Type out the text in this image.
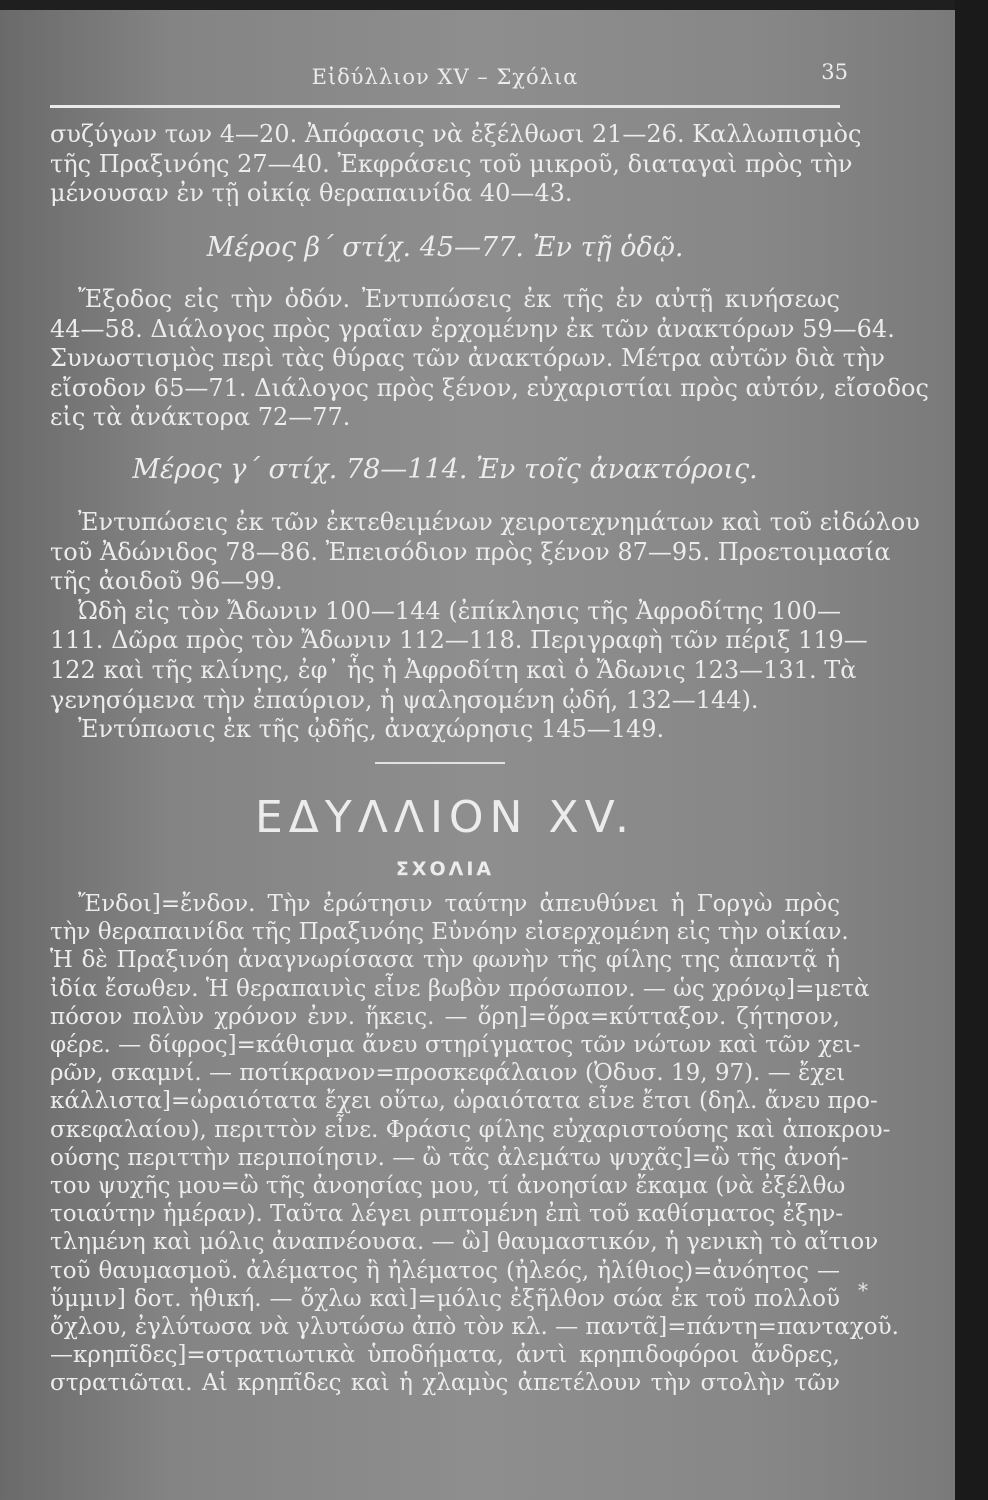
Εἰδύλλιον XV – Σχόλια	35
συζύγων των 4—20. Ἀπόφασις νὰ ἐξέλθωσι 21—26. Καλλωπισμὸς
τῆς Πραξινόης 27—40. Ἐκφράσεις τοῦ μικροῦ, διαταγαὶ πρὸς τὴν
μένουσαν ἐν τῇ οἰκίᾳ θεραπαινίδα 40—43.
Μέρος β΄ στίχ. 45—77. Ἐν τῇ ὁδῷ.
Ἔξοδος εἰς τὴν ὁδόν. Ἐντυπώσεις ἐκ τῆς ἐν αὐτῇ κινήσεως
44—58. Διάλογος πρὸς γραῖαν ἐρχομένην ἐκ τῶν ἀνακτόρων 59—64.
Συνωστισμὸς περὶ τὰς θύρας τῶν ἀνακτόρων. Μέτρα αὐτῶν διὰ τὴν
εἴσοδον 65—71. Διάλογος πρὸς ξένον, εὐχαριστίαι πρὸς αὐτόν, εἴσοδος
εἰς τὰ ἀνάκτορα 72—77.
Μέρος γ΄ στίχ. 78—114. Ἐν τοῖς ἀνακτόροις.
Ἐντυπώσεις ἐκ τῶν ἐκτεθειμένων χειροτεχνημάτων καὶ τοῦ εἰδώλου
τοῦ Ἀδώνιδος 78—86. Ἐπεισόδιον πρὸς ξένον 87—95. Προετοιμασία
τῆς ἀοιδοῦ 96—99.
Ὠδὴ εἰς τὸν Ἄδωνιν 100—144 (ἐπίκλησις τῆς Ἀφροδίτης 100—
111. Δῶρα πρὸς τὸν Ἄδωνιν 112—118. Περιγραφὴ τῶν πέριξ 119—
122 καὶ τῆς κλίνης, ἐφ᾿ ἧς ἡ Ἀφροδίτη καὶ ὁ Ἄδωνις 123—131. Τὰ
γενησόμενα τὴν ἐπαύριον, ἡ ψαλησομένη ᾠδή, 132—144).
Ἐντύπωσις ἐκ τῆς ᾠδῆς, ἀναχώρησις 145—149.
ΕΔΥΛΛΙΟΝ XV.
ΣΧΟΛΙΑ
Ἔνδοι]=ἔνδον. Τὴν ἐρώτησιν ταύτην ἀπευθύνει ἡ Γοργὼ πρὸς
τὴν θεραπαινίδα τῆς Πραξινόης Εὐνόην εἰσερχομένη εἰς τὴν οἰκίαν.
Ἡ δὲ Πραξινόη ἀναγνωρίσασα τὴν φωνὴν τῆς φίλης της ἀπαντᾷ ἡ
ἰδία ἔσωθεν. Ἡ θεραπαινὶς εἶνε βωβὸν πρόσωπον. — ὡς χρόνῳ]=μετὰ
πόσον πολὺν χρόνον ἐνν. ἥκεις. — ὅρη]=ὅρα=κύτταξον. ζήτησον,
φέρε. — δίφρος]=κάθισμα ἄνευ στηρίγματος τῶν νώτων καὶ τῶν χει-
ρῶν, σκαμνί. — ποτίκρανον=προσκεφάλαιον (Ὀδυσ. 19, 97). — ἔχει
κάλλιστα]=ὡραιότατα ἔχει οὕτω, ὡραιότατα εἶνε ἔτσι (δηλ. ἄνευ προ-
σκεφαλαίου), περιττὸν εἶνε. Φράσις φίλης εὐχαριστούσης καὶ ἀποκρου-
ούσης περιττὴν περιποίησιν. — ὢ τᾶς ἀλεμάτω ψυχᾶς]=ὢ τῆς ἀνοή-
του ψυχῆς μου=ὢ τῆς ἀνοησίας μου, τί ἀνοησίαν ἔκαμα (νὰ ἐξέλθω
τοιαύτην ἡμέραν). Ταῦτα λέγει ριπτομένη ἐπὶ τοῦ καθίσματος ἐξην-
τλημένη καὶ μόλις ἀναπνέουσα. — ὢ] θαυμαστικόν, ἡ γενικὴ τὸ αἴτιον
τοῦ θαυμασμοῦ. ἀλέματος ἢ ἠλέματος (ἠλεός, ἠλίθιος)=ἀνόητος —
ὕμμιν] δοτ. ἠθική. — ὄχλω καὶ]=μόλις ἐξῆλθον σώα ἐκ τοῦ πολλοῦ
ὄχλου, ἐγλύτωσα νὰ γλυτώσω ἀπὸ τὸν κλ. — παντᾶ]=πάντη=πανταχοῦ.
—κρηπῖδες]=στρατιωτικὰ ὑποδήματα, ἀντὶ κρηπιδοφόροι ἄνδρες,
στρατιῶται. Αἱ κρηπῖδες καὶ ἡ χλαμὺς ἀπετέλουν τὴν στολὴν τῶν
*
